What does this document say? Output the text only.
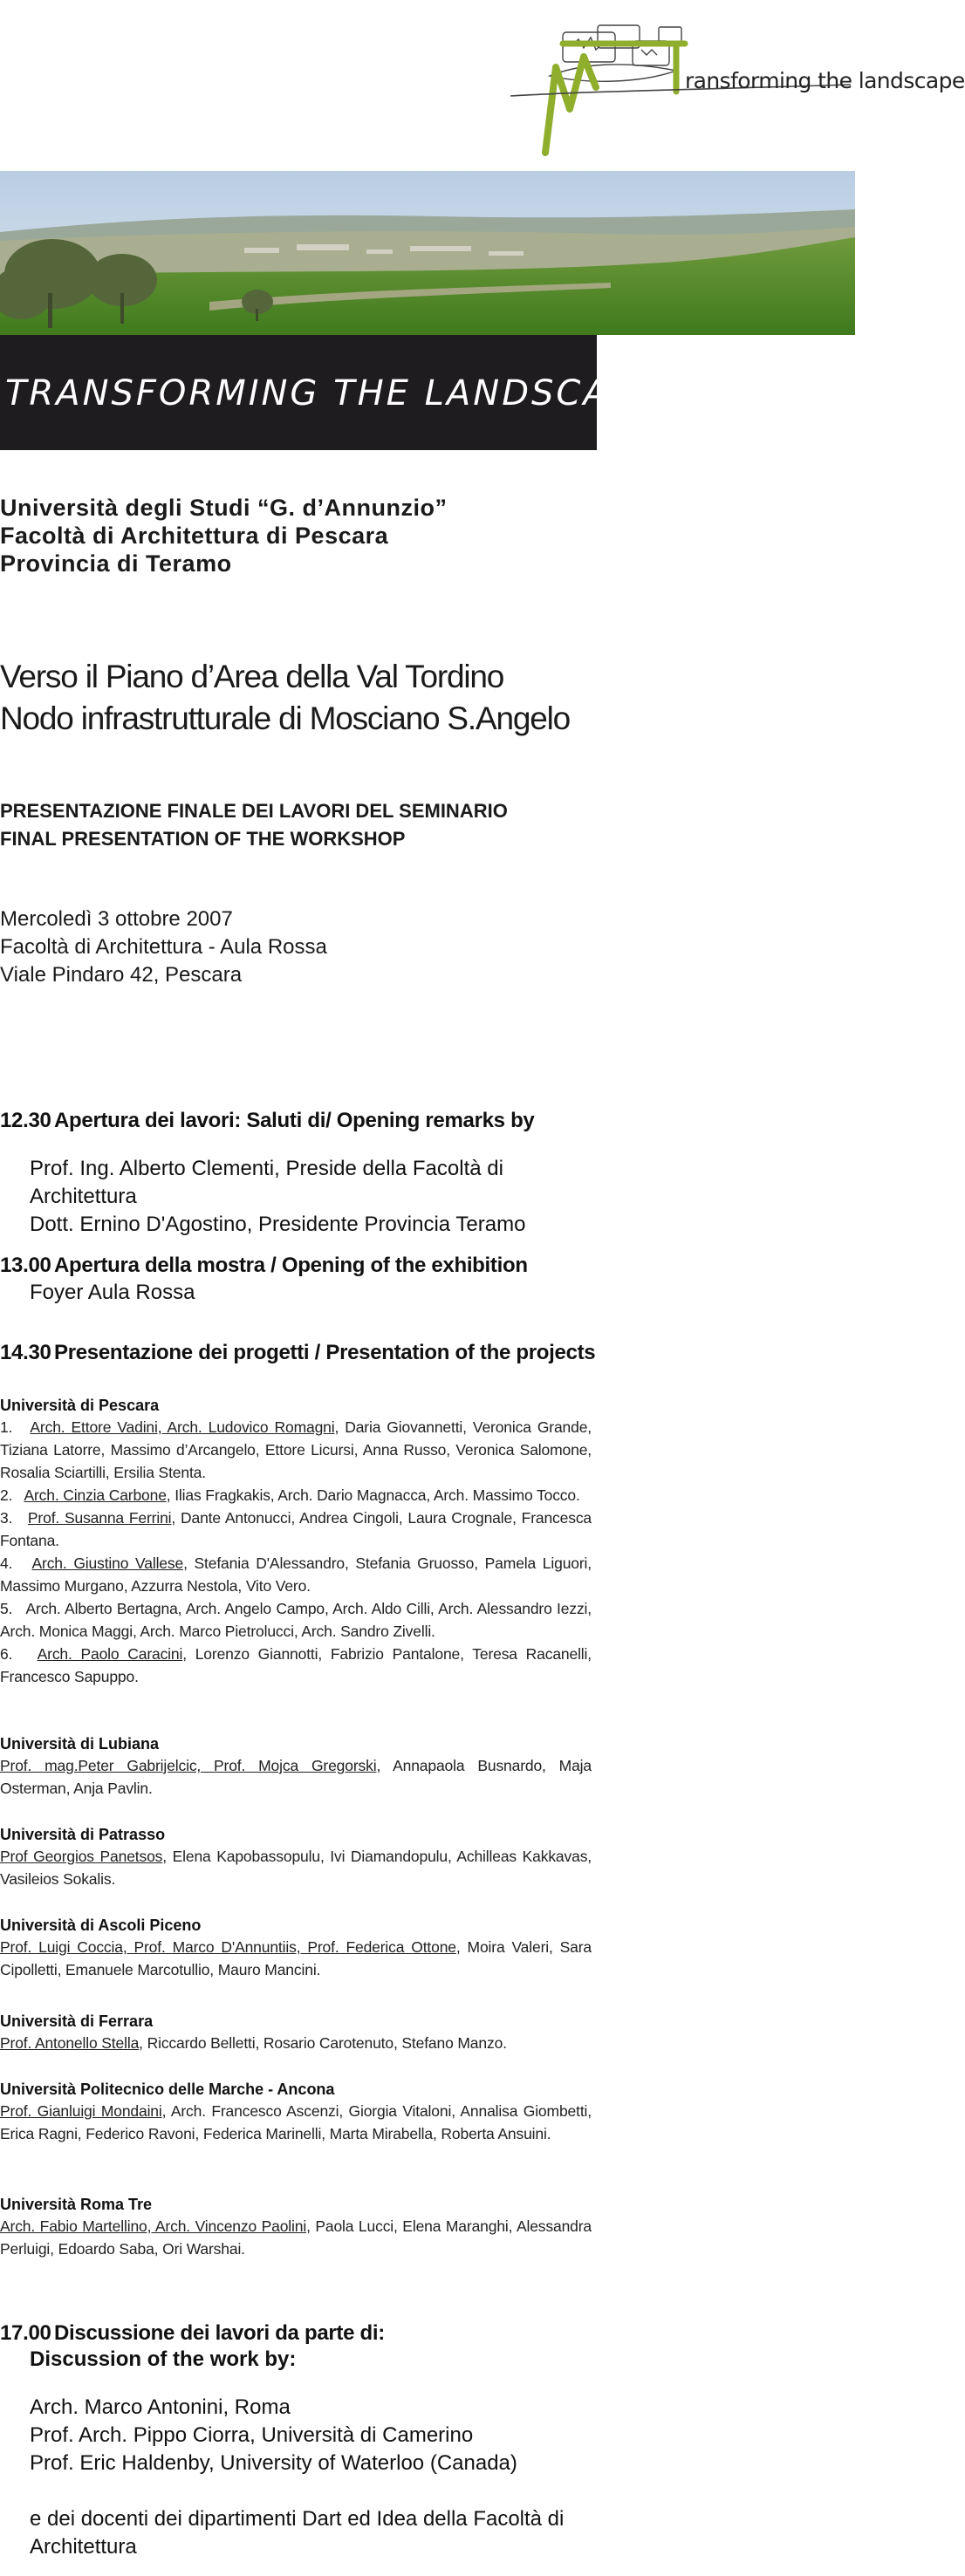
ransforming the landscape
TRANSFORMING THE LANDSCAPE
Università degli Studi “G. d’Annunzio”
Facoltà di Architettura di Pescara
Provincia di Teramo
Verso il Piano d’Area della Val Tordino
Nodo infrastrutturale di Mosciano S.Angelo
PRESENTAZIONE FINALE DEI LAVORI DEL SEMINARIO
FINAL PRESENTATION OF THE WORKSHOP
Mercoledì 3 ottobre 2007
Facoltà di Architettura - Aula Rossa
Viale Pindaro 42, Pescara
12.30 Apertura dei lavori: Saluti di/ Opening remarks by
Prof. Ing. Alberto Clementi, Preside della Facoltà di Architettura
Dott. Ernino D'Agostino, Presidente Provincia Teramo
13.00 Apertura della mostra / Opening of the exhibition
Foyer Aula Rossa
14.30 Presentazione dei progetti / Presentation of the projects
Università di Pescara
1. Arch. Ettore Vadini, Arch. Ludovico Romagni, Daria Giovannetti, Veronica Grande, Tiziana Latorre, Massimo d’Arcangelo, Ettore Licursi, Anna Russo, Veronica Salomone, Rosalia Sciartilli, Ersilia Stenta.
2. Arch. Cinzia Carbone, Ilias Fragkakis, Arch. Dario Magnacca, Arch. Massimo Tocco.
3. Prof. Susanna Ferrini, Dante Antonucci, Andrea Cingoli, Laura Crognale, Francesca Fontana.
4. Arch. Giustino Vallese, Stefania D'Alessandro, Stefania Gruosso, Pamela Liguori, Massimo Murgano, Azzurra Nestola, Vito Vero.
5. Arch. Alberto Bertagna, Arch. Angelo Campo, Arch. Aldo Cilli, Arch. Alessandro Iezzi, Arch. Monica Maggi, Arch. Marco Pietrolucci, Arch. Sandro Zivelli.
6. Arch. Paolo Caracini, Lorenzo Giannotti, Fabrizio Pantalone, Teresa Racanelli, Francesco Sapuppo.
Università di Lubiana
Prof. mag.Peter Gabrijelcic, Prof. Mojca Gregorski, Annapaola Busnardo, Maja Osterman, Anja Pavlin.
Università di Patrasso
Prof Georgios Panetsos, Elena Kapobassopulu, Ivi Diamandopulu, Achilleas Kakkavas, Vasileios Sokalis.
Università di Ascoli Piceno
Prof. Luigi Coccia, Prof. Marco D'Annuntiis, Prof. Federica Ottone, Moira Valeri, Sara Cipolletti, Emanuele Marcotullio, Mauro Mancini.
Università di Ferrara
Prof. Antonello Stella, Riccardo Belletti, Rosario Carotenuto, Stefano Manzo.
Università Politecnico delle Marche - Ancona
Prof. Gianluigi Mondaini, Arch. Francesco Ascenzi, Giorgia Vitaloni, Annalisa Giombetti, Erica Ragni, Federico Ravoni, Federica Marinelli, Marta Mirabella, Roberta Ansuini.
Università Roma Tre
Arch. Fabio Martellino, Arch. Vincenzo Paolini, Paola Lucci, Elena Maranghi, Alessandra Perluigi, Edoardo Saba, Ori Warshai.
17.00 Discussione dei lavori da parte di:
Discussion of the work by:
Arch. Marco Antonini, Roma
Prof. Arch. Pippo Ciorra, Università di Camerino
Prof. Eric Haldenby, University of Waterloo (Canada)
e dei docenti dei dipartimenti Dart ed Idea della Facoltà di
Architettura
